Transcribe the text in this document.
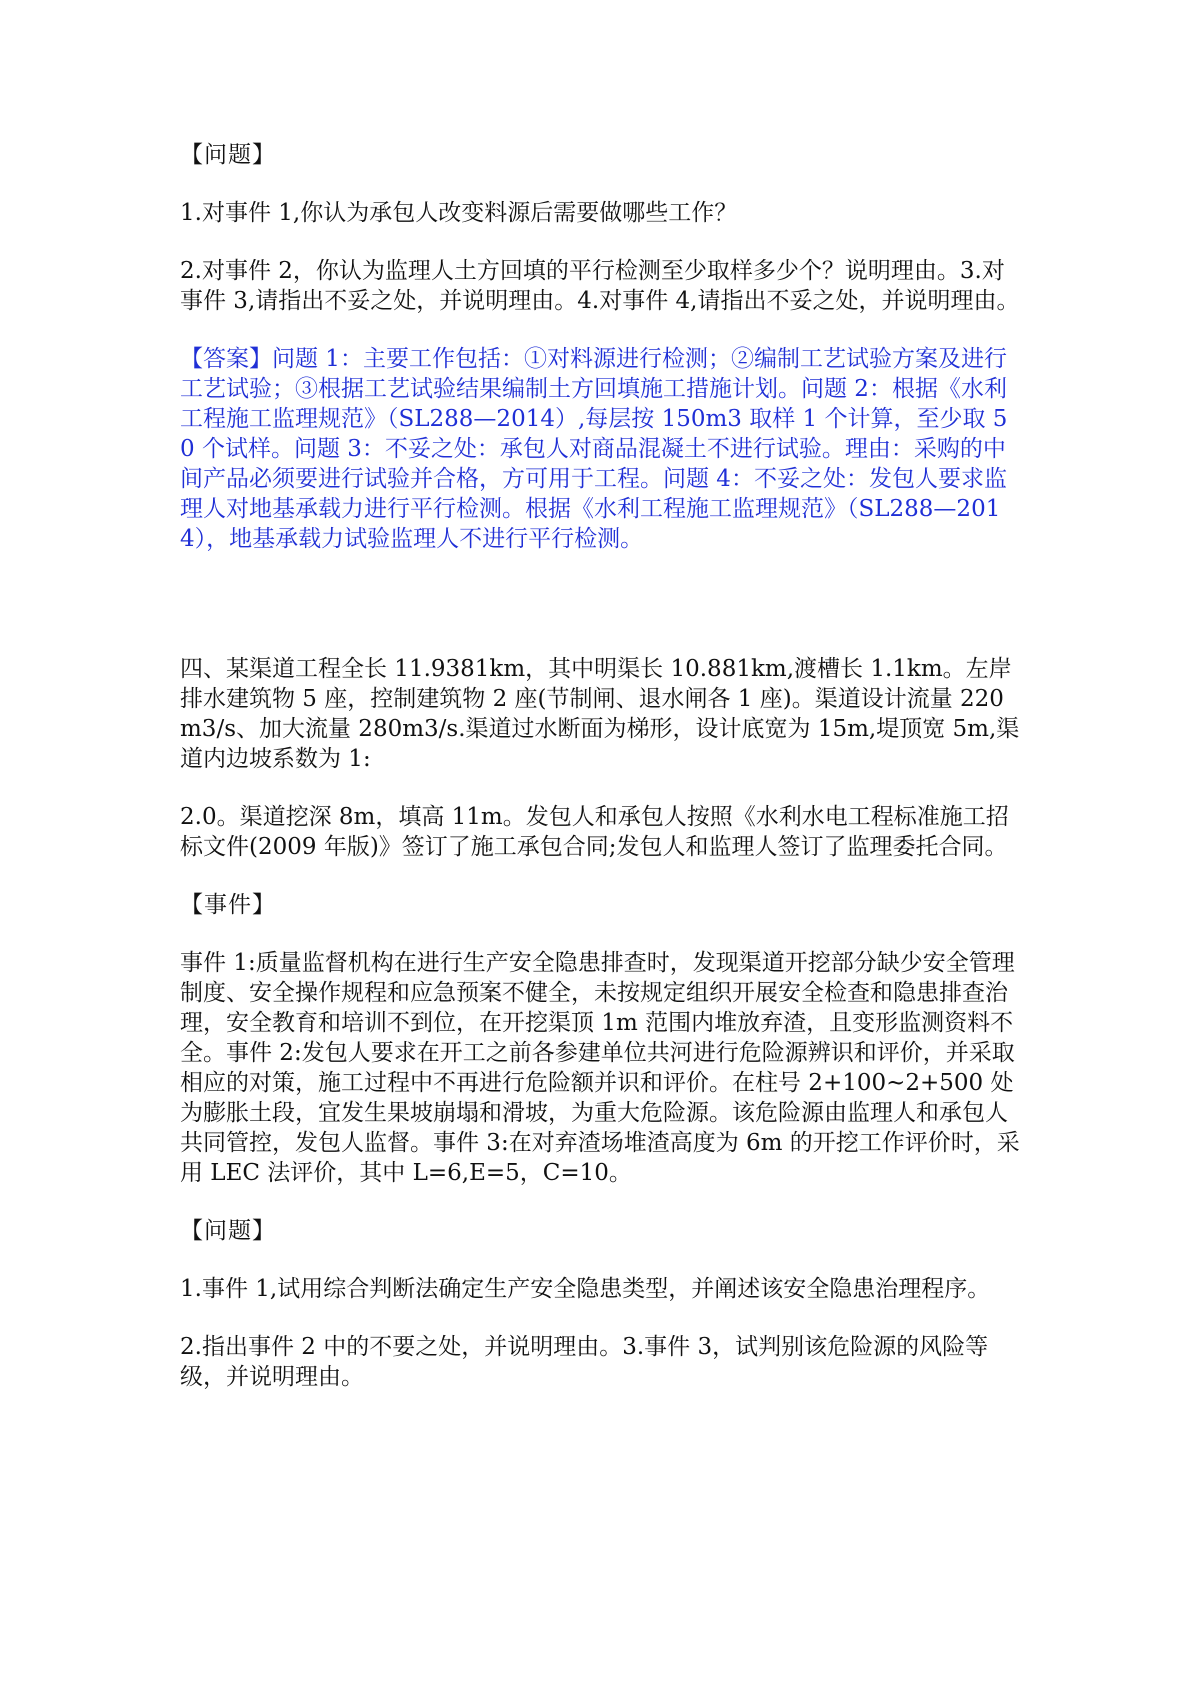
【问题】

1.对事件 1,你认为承包人改变料源后需要做哪些工作？

2.对事件 2，你认为监理人土方回填的平行检测至少取样多少个？说明理由。3.对事件 3,请指出不妥之处，并说明理由。4.对事件 4,请指出不妥之处，并说明理由。

【答案】问题 1：主要工作包括：①对料源进行检测；②编制工艺试验方案及进行工艺试验；③根据工艺试验结果编制土方回填施工措施计划。问题 2：根据《水利工程施工监理规范》（SL288—2014）,每层按 150m3 取样 1 个计算，至少取 50 个试样。问题 3：不妥之处：承包人对商品混凝土不进行试验。理由：采购的中间产品必须要进行试验并合格，方可用于工程。问题 4：不妥之处：发包人要求监理人对地基承载力进行平行检测。根据《水利工程施工监理规范》（SL288—2014），地基承载力试验监理人不进行平行检测。

四、某渠道工程全长 11.9381km，其中明渠长 10.881km,渡槽长 1.1km。左岸排水建筑物 5 座，控制建筑物 2 座(节制闸、退水闸各 1 座)。渠道设计流量 220m3/s、加大流量 280m3/s.渠道过水断面为梯形，设计底宽为 15m,堤顶宽 5m,渠道内边坡系数为 1:

2.0。渠道挖深 8m，填高 11m。发包人和承包人按照《水利水电工程标准施工招标文件(2009 年版)》签订了施工承包合同;发包人和监理人签订了监理委托合同。

【事件】

事件 1:质量监督机构在进行生产安全隐患排查时，发现渠道开挖部分缺少安全管理制度、安全操作规程和应急预案不健全，未按规定组织开展安全检查和隐患排查治理，安全教育和培训不到位，在开挖渠顶 1m 范围内堆放弃渣，且变形监测资料不全。事件 2:发包人要求在开工之前各参建单位共河进行危险源辨识和评价，并采取相应的对策，施工过程中不再进行危险额并识和评价。在柱号 2+100~2+500 处为膨胀土段，宜发生果坡崩塌和滑坡，为重大危险源。该危险源由监理人和承包人共同管控，发包人监督。事件 3:在对弃渣场堆渣高度为 6m 的开挖工作评价时，采用 LEC 法评价，其中 L=6,E=5，C=10。

【问题】

1.事件 1,试用综合判断法确定生产安全隐患类型，并阐述该安全隐患治理程序。

2.指出事件 2 中的不要之处，并说明理由。3.事件 3，试判别该危险源的风险等级，并说明理由。
